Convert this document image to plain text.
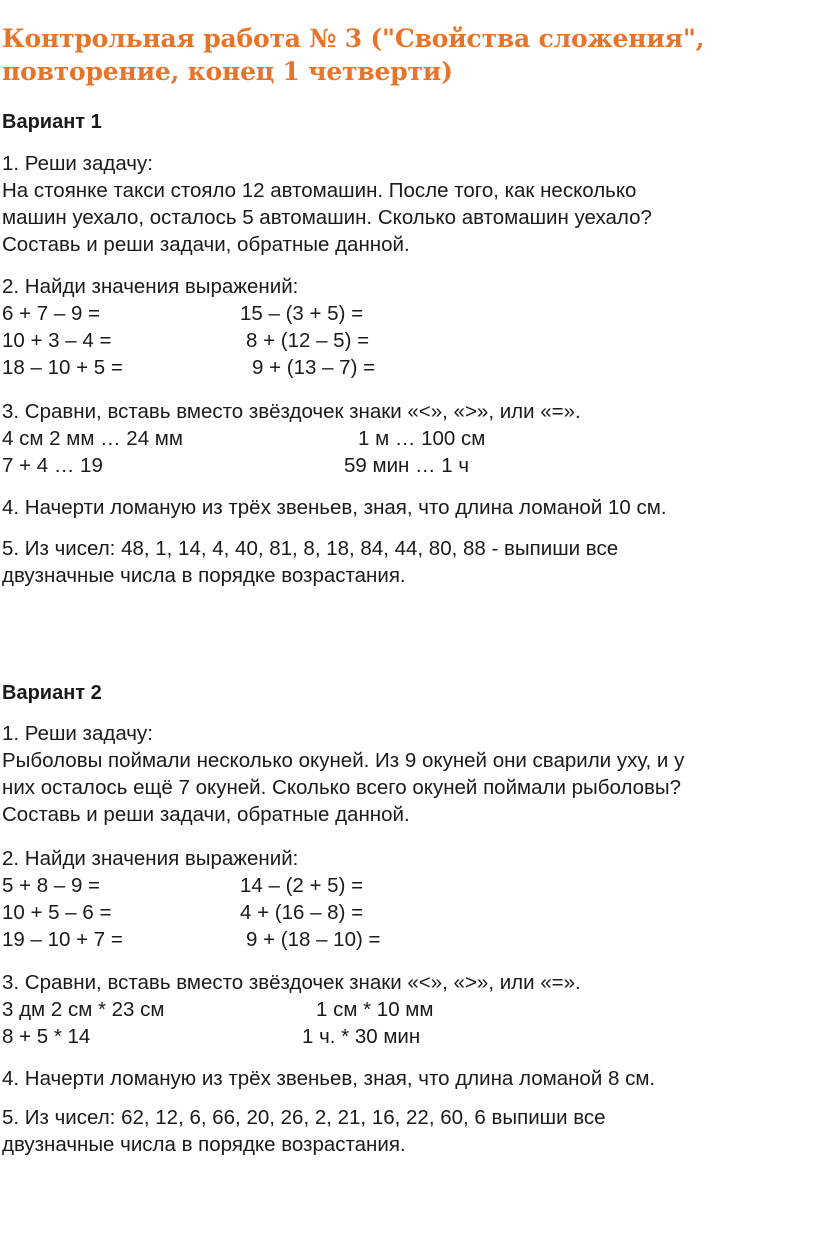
Контрольная работа № 3 ("Свойства сложения",
повторение, конец 1 четверти)
Вариант 1
1. Реши задачу:
На стоянке такси стояло 12 автомашин. После того, как несколько
машин уехало, осталось 5 автомашин. Сколько автомашин уехало?
Составь и реши задачи, обратные данной.
2. Найди значения выражений:
6 + 7 – 9 =	15 – (3 + 5) =
10 + 3 – 4 =	8 + (12 – 5) =
18 – 10 + 5 =	9 + (13 – 7) =
3. Сравни, вставь вместо звёздочек знаки «<», «>», или «=».
4 см 2 мм … 24 мм	1 м … 100 см
7 + 4 … 19	59 мин … 1 ч
4. Начерти ломаную из трёх звеньев, зная, что длина ломаной 10 см.
5. Из чисел: 48, 1, 14, 4, 40, 81, 8, 18, 84, 44, 80, 88 - выпиши все
двузначные числа в порядке возрастания.
Вариант 2
1. Реши задачу:
Рыболовы поймали несколько окуней. Из 9 окуней они сварили уху, и у
них осталось ещё 7 окуней. Сколько всего окуней поймали рыболовы?
Составь и реши задачи, обратные данной.
2. Найди значения выражений:
5 + 8 – 9 =	14 – (2 + 5) =
10 + 5 – 6 =	4 + (16 – 8) =
19 – 10 + 7 =	9 + (18 – 10) =
3. Сравни, вставь вместо звёздочек знаки «<», «>», или «=».
3 дм 2 см * 23 см	1 см * 10 мм
8 + 5 * 14	1 ч. * 30 мин
4. Начерти ломаную из трёх звеньев, зная, что длина ломаной 8 см.
5. Из чисел: 62, 12, 6, 66, 20, 26, 2, 21, 16, 22, 60, 6 выпиши все
двузначные числа в порядке возрастания.
